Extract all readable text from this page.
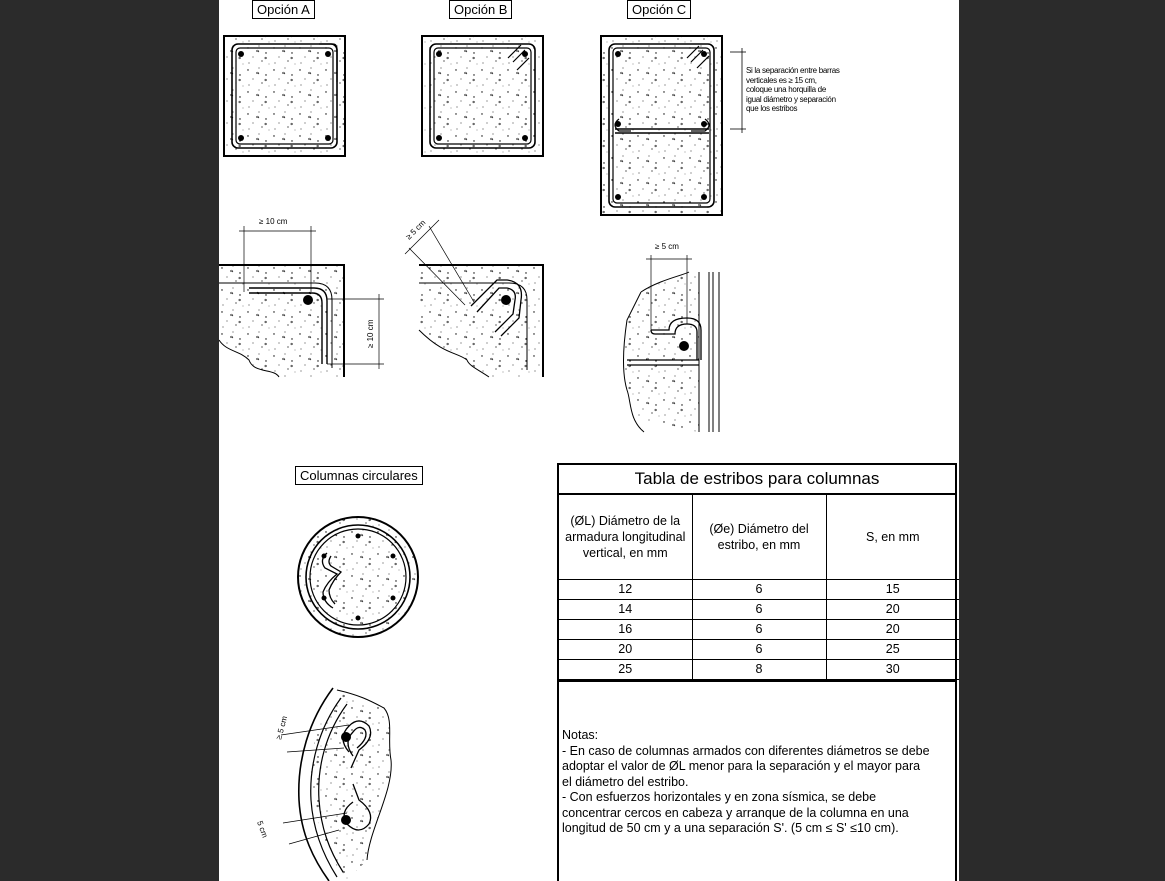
Opción A	Opción B	Opción C
Columnas circulares
≥ 10 cm
≥ 10 cm
≥ 5 cm
≥ 5 cm
≥ 5 cm
5 cm
Si la separación entre barras
verticales es ≥ 15 cm,
coloque una horquilla de
igual diámetro y separación
que los estribos
Tabla de estribos para columnas
(ØL) Diámetro de la armadura longitudinal vertical, en mm	(Øe) Diámetro del estribo, en mm	S, en mm
12	6	15
14	6	20
16	6	20
20	6	25
25	8	30
Notas:
- En caso de columnas armados con diferentes diámetros se debe
adoptar el valor de ØL menor para la separación y el mayor para
el diámetro del estribo.
- Con esfuerzos horizontales y en zona sísmica, se debe
concentrar cercos en cabeza y arranque de la columna en una
longitud de 50 cm y a una separación S'. (5 cm ≤ S' ≤10 cm).
